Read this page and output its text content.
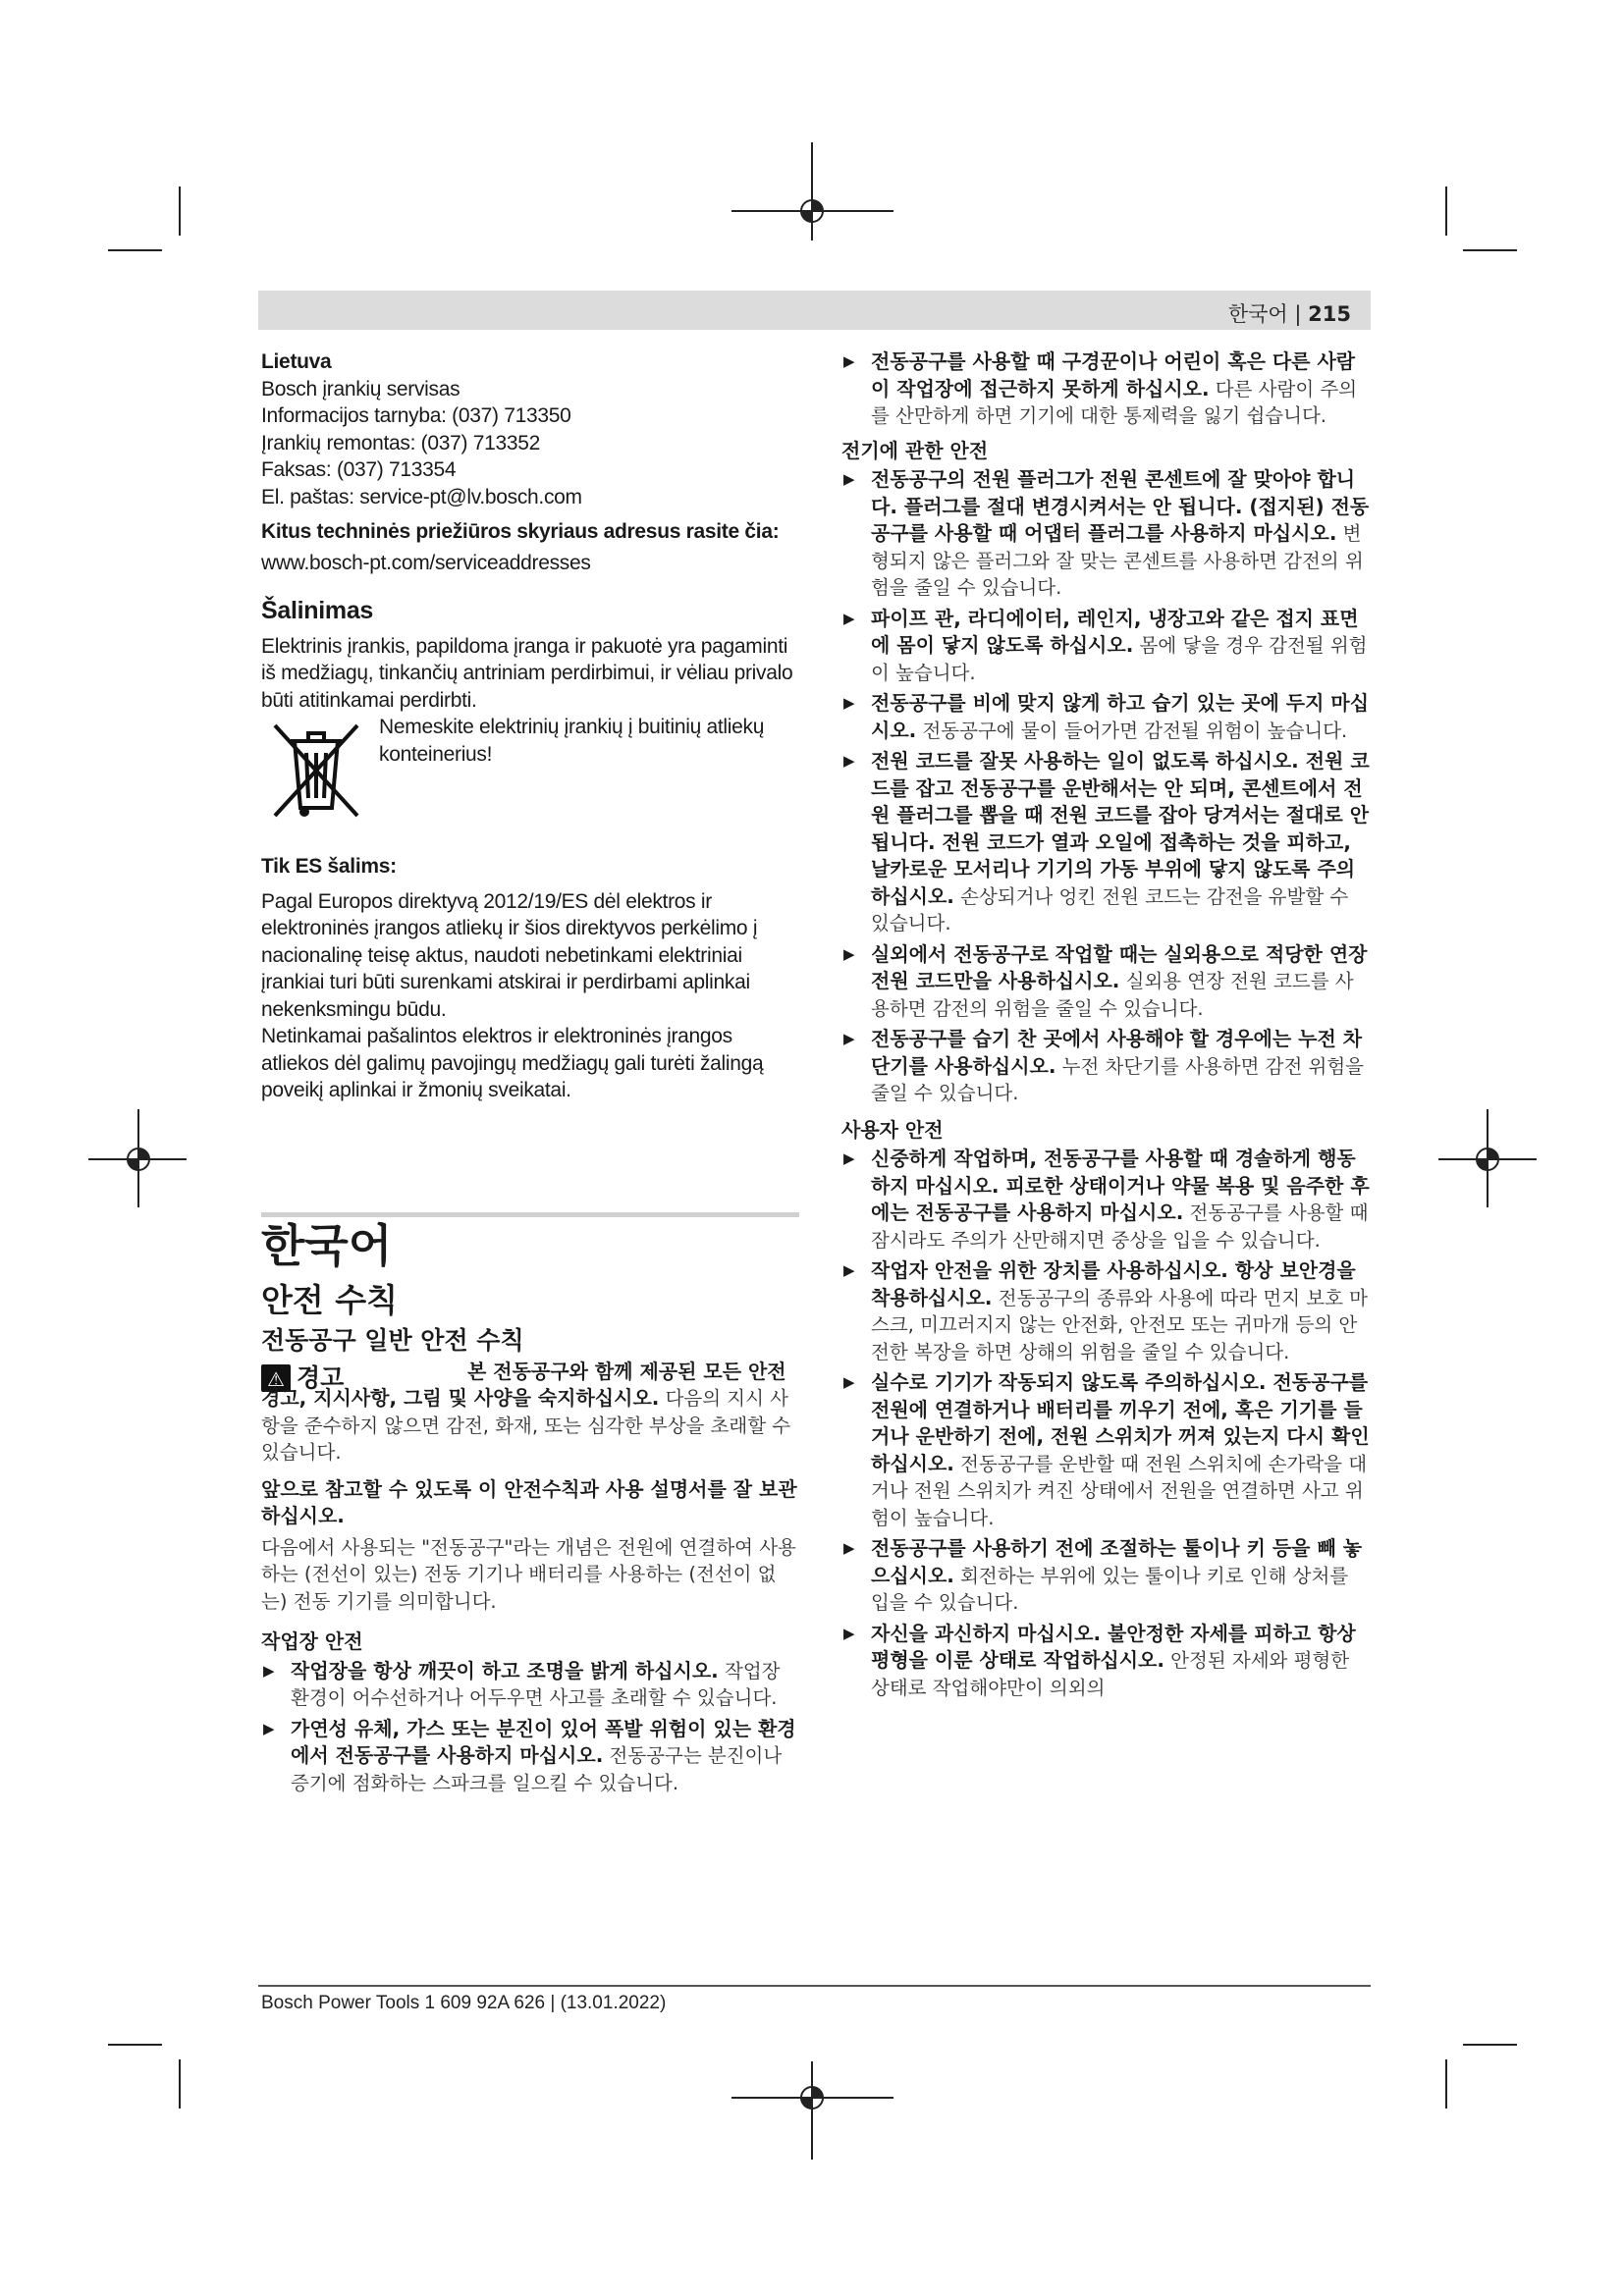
한국어 | 215

Lietuva

Bosch įrankių servisas

Informacijos tarnyba: (037) 713350

Įrankių remontas: (037) 713352

Faksas: (037) 713354

El. paštas: service-pt@lv.bosch.com

Kitus techninės priežiūros skyriaus adresus rasite čia:

www.bosch-pt.com/serviceaddresses

Šalinimas

Elektrinis įrankis, papildoma įranga ir pakuotė yra pagaminti iš medžiagų, tinkančių antriniam perdirbimui, ir vėliau privalo būti atitinkamai perdirbti.

Nemeskite elektrinių įrankių į buitinių atliekų konteinerius!

Tik ES šalims:

Pagal Europos direktyvą 2012/19/ES dėl elektros ir elektroninės įrangos atliekų ir šios direktyvos perkėlimo į nacionalinę teisę aktus, naudoti nebetinkami elektriniai įrankiai turi būti surenkami atskirai ir perdirbami aplinkai nekenksmingu būdu.

Netinkamai pašalintos elektros ir elektroninės įrangos atliekos dėl galimų pavojingų medžiagų gali turėti žalingą poveikį aplinkai ir žmonių sveikatai.

한국어
안전 수칙
전동공구 일반 안전 수칙
⚠ 경고	본 전동공구와 함께 제공된 모든 안전경고, 지시사항, 그림 및 사양을 숙지하십시오. 다음의 지시 사항을 준수하지 않으면 감전, 화재, 또는 심각한 부상을 초래할 수 있습니다.

앞으로 참고할 수 있도록 이 안전수칙과 사용 설명서를 잘 보관하십시오.

다음에서 사용되는 "전동공구"라는 개념은 전원에 연결하여 사용하는 (전선이 있는) 전동 기기나 배터리를 사용하는 (전선이 없는) 전동 기기를 의미합니다.

작업장 안전
▶ 작업장을 항상 깨끗이 하고 조명을 밝게 하십시오. 작업장 환경이 어수선하거나 어두우면 사고를 초래할 수 있습니다.
▶ 가연성 유체, 가스 또는 분진이 있어 폭발 위험이 있는 환경에서 전동공구를 사용하지 마십시오. 전동공구는 분진이나 증기에 점화하는 스파크를 일으킬 수 있습니다.
▶ 전동공구를 사용할 때 구경꾼이나 어린이 혹은 다른 사람이 작업장에 접근하지 못하게 하십시오. 다른 사람이 주의를 산만하게 하면 기기에 대한 통제력을 잃기 쉽습니다.
전기에 관한 안전
▶ 전동공구의 전원 플러그가 전원 콘센트에 잘 맞아야 합니다. 플러그를 절대 변경시켜서는 안 됩니다. (접지된) 전동공구를 사용할 때 어댑터 플러그를 사용하지 마십시오. 변형되지 않은 플러그와 잘 맞는 콘센트를 사용하면 감전의 위험을 줄일 수 있습니다.
▶ 파이프 관, 라디에이터, 레인지, 냉장고와 같은 접지 표면에 몸이 닿지 않도록 하십시오. 몸에 닿을 경우 감전될 위험이 높습니다.
▶ 전동공구를 비에 맞지 않게 하고 습기 있는 곳에 두지 마십시오. 전동공구에 물이 들어가면 감전될 위험이 높습니다.
▶ 전원 코드를 잘못 사용하는 일이 없도록 하십시오. 전원 코드를 잡고 전동공구를 운반해서는 안 되며, 콘센트에서 전원 플러그를 뽑을 때 전원 코드를 잡아 당겨서는 절대로 안 됩니다. 전원 코드가 열과 오일에 접촉하는 것을 피하고, 날카로운 모서리나 기기의 가동 부위에 닿지 않도록 주의하십시오. 손상되거나 엉킨 전원 코드는 감전을 유발할 수 있습니다.
▶ 실외에서 전동공구로 작업할 때는 실외용으로 적당한 연장 전원 코드만을 사용하십시오. 실외용 연장 전원 코드를 사용하면 감전의 위험을 줄일 수 있습니다.
▶ 전동공구를 습기 찬 곳에서 사용해야 할 경우에는 누전 차단기를 사용하십시오. 누전 차단기를 사용하면 감전 위험을 줄일 수 있습니다.
사용자 안전
▶ 신중하게 작업하며, 전동공구를 사용할 때 경솔하게 행동하지 마십시오. 피로한 상태이거나 약물 복용 및 음주한 후에는 전동공구를 사용하지 마십시오. 전동공구를 사용할 때 잠시라도 주의가 산만해지면 중상을 입을 수 있습니다.
▶ 작업자 안전을 위한 장치를 사용하십시오. 항상 보안경을 착용하십시오. 전동공구의 종류와 사용에 따라 먼지 보호 마스크, 미끄러지지 않는 안전화, 안전모 또는 귀마개 등의 안전한 복장을 하면 상해의 위험을 줄일 수 있습니다.
▶ 실수로 기기가 작동되지 않도록 주의하십시오. 전동공구를 전원에 연결하거나 배터리를 끼우기 전에, 혹은 기기를 들거나 운반하기 전에, 전원 스위치가 꺼져 있는지 다시 확인하십시오. 전동공구를 운반할 때 전원 스위치에 손가락을 대거나 전원 스위치가 켜진 상태에서 전원을 연결하면 사고 위험이 높습니다.
▶ 전동공구를 사용하기 전에 조절하는 툴이나 키 등을 빼 놓으십시오. 회전하는 부위에 있는 툴이나 키로 인해 상처를 입을 수 있습니다.
▶ 자신을 과신하지 마십시오. 불안정한 자세를 피하고 항상 평형을 이룬 상태로 작업하십시오. 안정된 자세와 평형한 상태로 작업해야만이 의외의
Bosch Power Tools 1 609 92A 626 | (13.01.2022)
